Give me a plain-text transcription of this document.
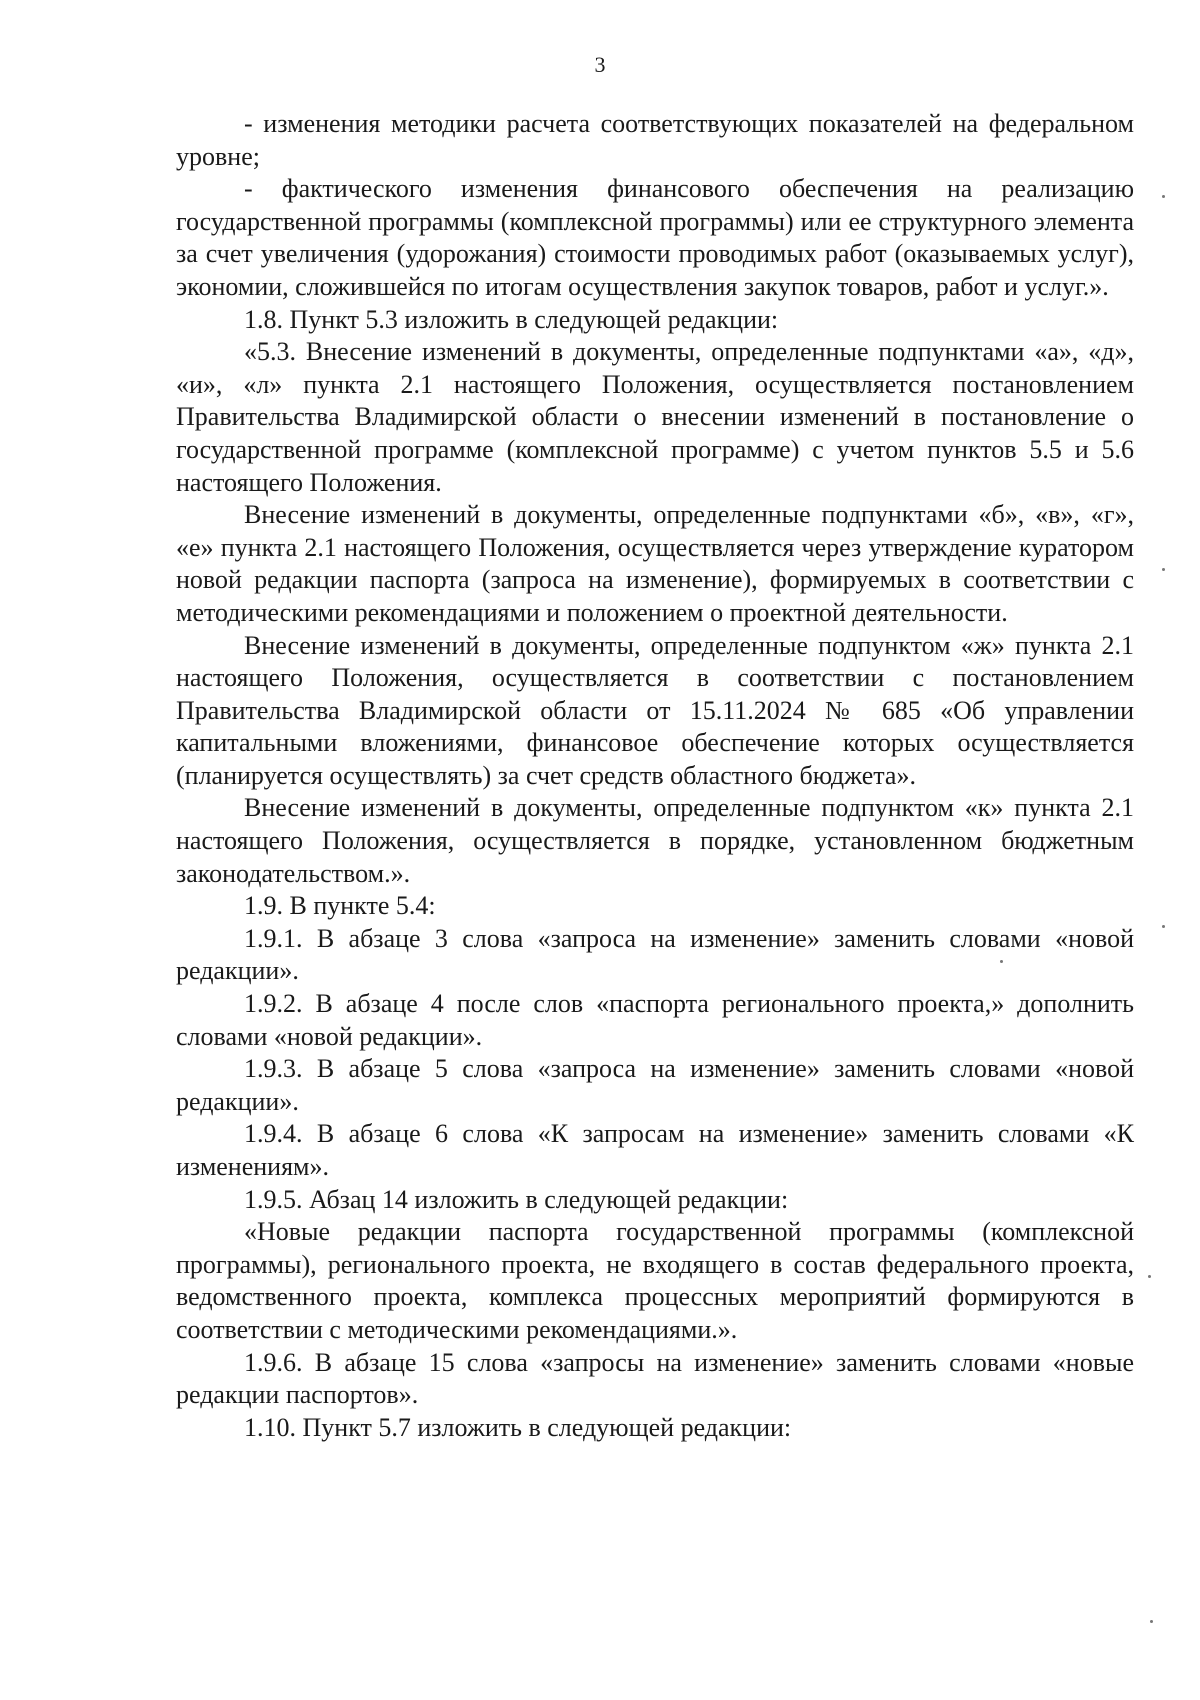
3

- изменения методики расчета соответствующих показателей на федеральном уровне;

- фактического изменения финансового обеспечения на реализацию государственной программы (комплексной программы) или ее структурного элемента за счет увеличения (удорожания) стоимости проводимых работ (оказываемых услуг), экономии, сложившейся по итогам осуществления закупок товаров, работ и услуг.».

1.8. Пункт 5.3 изложить в следующей редакции:

«5.3. Внесение изменений в документы, определенные подпунктами «а», «д», «и», «л» пункта 2.1 настоящего Положения, осуществляется постановлением Правительства Владимирской области о внесении изменений в постановление о государственной программе (комплексной программе) с учетом пунктов 5.5 и 5.6 настоящего Положения.

Внесение изменений в документы, определенные подпунктами «б», «в», «г», «е» пункта 2.1 настоящего Положения, осуществляется через утверждение куратором новой редакции паспорта (запроса на изменение), формируемых в соответствии с методическими рекомендациями и положением о проектной деятельности.

Внесение изменений в документы, определенные подпунктом «ж» пункта 2.1 настоящего Положения, осуществляется в соответствии с постановлением Правительства Владимирской области от 15.11.2024 № 685 «Об управлении капитальными вложениями, финансовое обеспечение которых осуществляется (планируется осуществлять) за счет средств областного бюджета».

Внесение изменений в документы, определенные подпунктом «к» пункта 2.1 настоящего Положения, осуществляется в порядке, установленном бюджетным законодательством.».

1.9. В пункте 5.4:

1.9.1. В абзаце 3 слова «запроса на изменение» заменить словами «новой редакции».

1.9.2. В абзаце 4 после слов «паспорта регионального проекта,» дополнить словами «новой редакции».

1.9.3. В абзаце 5 слова «запроса на изменение» заменить словами «новой редакции».

1.9.4. В абзаце 6 слова «К запросам на изменение» заменить словами «К изменениям».

1.9.5. Абзац 14 изложить в следующей редакции:

«Новые редакции паспорта государственной программы (комплексной программы), регионального проекта, не входящего в состав федерального проекта, ведомственного проекта, комплекса процессных мероприятий формируются в соответствии с методическими рекомендациями.».

1.9.6. В абзаце 15 слова «запросы на изменение» заменить словами «новые редакции паспортов».

1.10. Пункт 5.7 изложить в следующей редакции:
